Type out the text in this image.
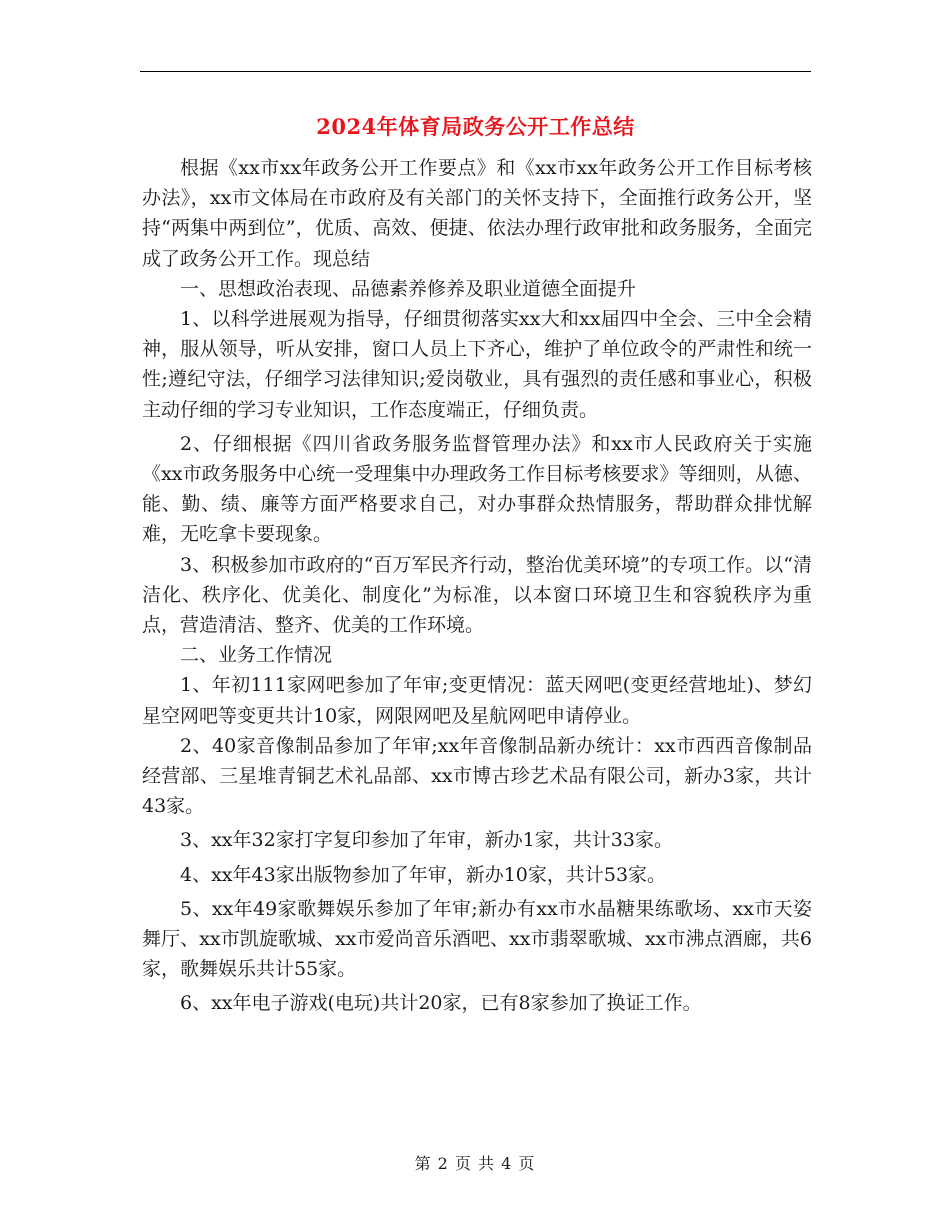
2024年体育局政务公开工作总结

根据《xx市xx年政务公开工作要点》和《xx市xx年政务公开工作目标考核办法》，xx市文体局在市政府及有关部门的关怀支持下，全面推行政务公开，坚持“两集中两到位”，优质、高效、便捷、依法办理行政审批和政务服务，全面完成了政务公开工作。现总结

一、思想政治表现、品德素养修养及职业道德全面提升

1、以科学进展观为指导，仔细贯彻落实xx大和xx届四中全会、三中全会精神，服从领导，听从安排，窗口人员上下齐心，维护了单位政令的严肃性和统一性;遵纪守法，仔细学习法律知识;爱岗敬业，具有强烈的责任感和事业心，积极主动仔细的学习专业知识，工作态度端正，仔细负责。

2、仔细根据《四川省政务服务监督管理办法》和xx市人民政府关于实施《xx市政务服务中心统一受理集中办理政务工作目标考核要求》等细则，从德、能、勤、绩、廉等方面严格要求自己，对办事群众热情服务，帮助群众排忧解难，无吃拿卡要现象。

3、积极参加市政府的“百万军民齐行动，整治优美环境”的专项工作。以“清洁化、秩序化、优美化、制度化”为标准，以本窗口环境卫生和容貌秩序为重点，营造清洁、整齐、优美的工作环境。

二、业务工作情况

1、年初111家网吧参加了年审;变更情况：蓝天网吧(变更经营地址)、梦幻星空网吧等变更共计10家，网限网吧及星航网吧申请停业。

2、40家音像制品参加了年审;xx年音像制品新办统计：xx市西西音像制品经营部、三星堆青铜艺术礼品部、xx市博古珍艺术品有限公司，新办3家，共计43家。

3、xx年32家打字复印参加了年审，新办1家，共计33家。

4、xx年43家出版物参加了年审，新办10家，共计53家。

5、xx年49家歌舞娱乐参加了年审;新办有xx市水晶糖果练歌场、xx市天姿舞厅、xx市凯旋歌城、xx市爱尚音乐酒吧、xx市翡翠歌城、xx市沸点酒廊，共6家，歌舞娱乐共计55家。

6、xx年电子游戏(电玩)共计20家，已有8家参加了换证工作。

第 2 页 共 4 页
